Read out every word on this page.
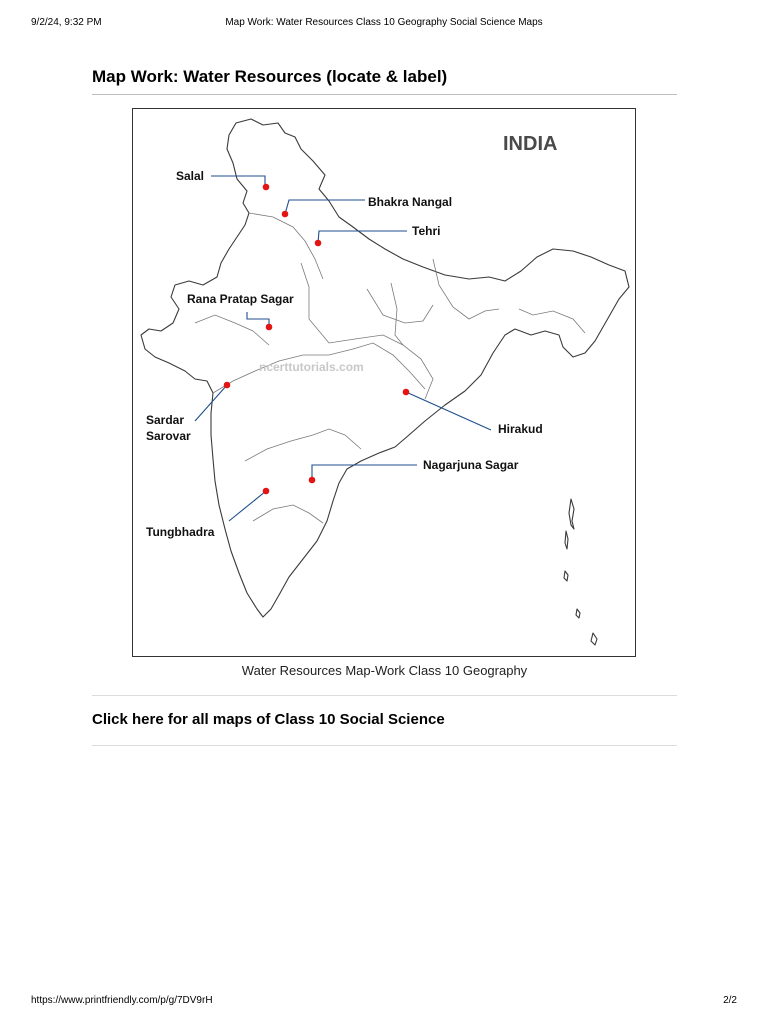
9/2/24, 9:32 PM	Map Work: Water Resources Class 10 Geography Social Science Maps
Map Work: Water Resources (locate & label)
INDIA
ncerttutorials.com
Salal
Bhakra Nangal
Tehri
Rana Pratap Sagar
Sardar
Sarovar	Hirakud
Nagarjuna Sagar
Tungbhadra
Water Resources Map-Work Class 10 Geography
Click here for all maps of Class 10 Social Science
https://www.printfriendly.com/p/g/7DV9rH	2/2
